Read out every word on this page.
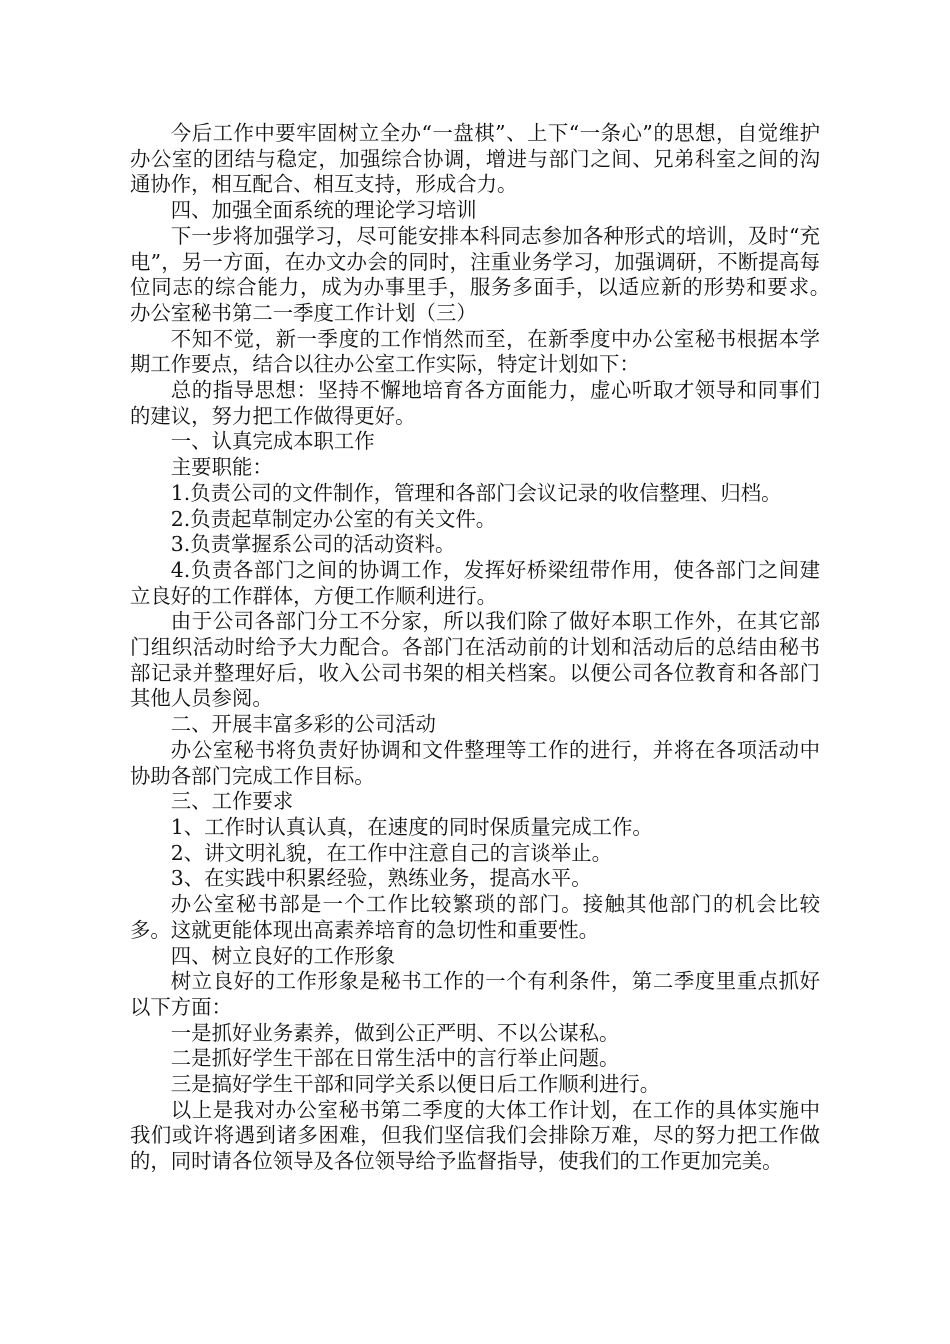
今后工作中要牢固树立全办“一盘棋”、上下“一条心”的思想，自觉维护办公室的团结与稳定，加强综合协调，增进与部门之间、兄弟科室之间的沟通协作，相互配合、相互支持，形成合力。

四、加强全面系统的理论学习培训

下一步将加强学习，尽可能安排本科同志参加各种形式的培训，及时“充电”，另一方面，在办文办会的同时，注重业务学习，加强调研，不断提高每位同志的综合能力，成为办事里手，服务多面手，以适应新的形势和要求。　　办公室秘书第二一季度工作计划（三）

不知不觉，新一季度的工作悄然而至，在新季度中办公室秘书根据本学期工作要点，结合以往办公室工作实际，特定计划如下：

总的指导思想：坚持不懈地培育各方面能力，虚心听取才领导和同事们的建议，努力把工作做得更好。

一、认真完成本职工作

主要职能：

1.负责公司的文件制作，管理和各部门会议记录的收信整理、归档。

2.负责起草制定办公室的有关文件。

3.负责掌握系公司的活动资料。

4.负责各部门之间的协调工作，发挥好桥梁纽带作用，使各部门之间建立良好的工作群体，方便工作顺利进行。

由于公司各部门分工不分家，所以我们除了做好本职工作外，在其它部门组织活动时给予大力配合。各部门在活动前的计划和活动后的总结由秘书部记录并整理好后，收入公司书架的相关档案。以便公司各位教育和各部门其他人员参阅。

二、开展丰富多彩的公司活动

办公室秘书将负责好协调和文件整理等工作的进行，并将在各项活动中协助各部门完成工作目标。

三、工作要求

1、工作时认真认真，在速度的同时保质量完成工作。

2、讲文明礼貌，在工作中注意自己的言谈举止。

3、在实践中积累经验，熟练业务，提高水平。

办公室秘书部是一个工作比较繁琐的部门。接触其他部门的机会比较多。这就更能体现出高素养培育的急切性和重要性。

四、树立良好的工作形象

树立良好的工作形象是秘书工作的一个有利条件，第二季度里重点抓好以下方面：

一是抓好业务素养，做到公正严明、不以公谋私。

二是抓好学生干部在日常生活中的言行举止问题。

三是搞好学生干部和同学关系以便日后工作顺利进行。

以上是我对办公室秘书第二季度的大体工作计划，在工作的具体实施中我们或许将遇到诸多困难，但我们坚信我们会排除万难，尽的努力把工作做的，同时请各位领导及各位领导给予监督指导，使我们的工作更加完美。
